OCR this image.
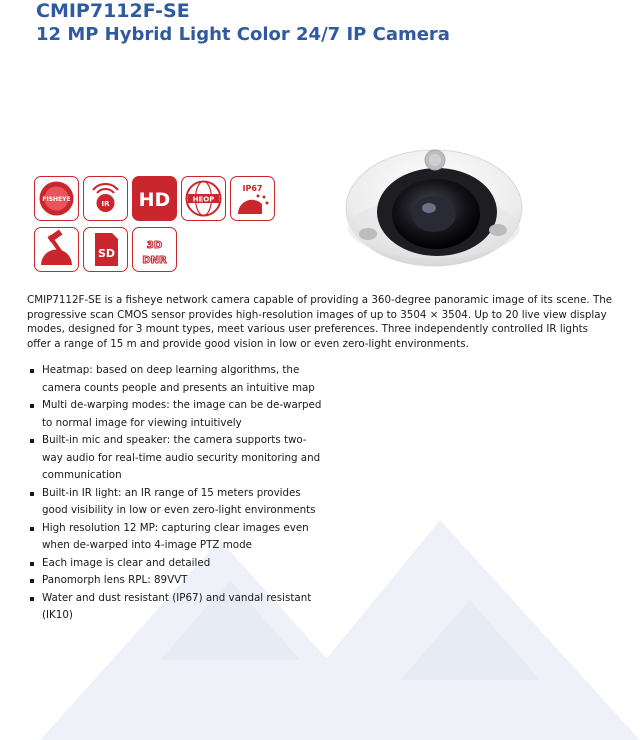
CMIP7112F-SE
12 MP Hybrid Light Color 24/7 IP Camera
FISHEYE
IR HD	HEOP
IP67
SD
3D
DNR
3D DNR

CMIP7112F-SE is a fisheye network camera capable of providing a 360-degree panoramic image of its scene. The progressive scan CMOS sensor provides high-resolution images of up to 3504 × 3504. Up to 20 live view display modes, designed for 3 mount types, meet various user preferences. Three independently controlled IR lights offer a range of 15 m and provide good vision in low or even zero-light environments.

Heatmap: based on deep learning algorithms, the camera counts people and presents an intuitive map
Multi de-warping modes: the image can be de-warped to normal image for viewing intuitively
Built-in mic and speaker: the camera supports two-way audio for real-time audio security monitoring and communication
Built-in IR light: an IR range of 15 meters provides good visibility in low or even zero-light environments
High resolution 12 MP: capturing clear images even when de-warped into 4-image PTZ mode
Each image is clear and detailed
Panomorph lens RPL: 89VVT
Water and dust resistant (IP67) and vandal resistant (IK10)
